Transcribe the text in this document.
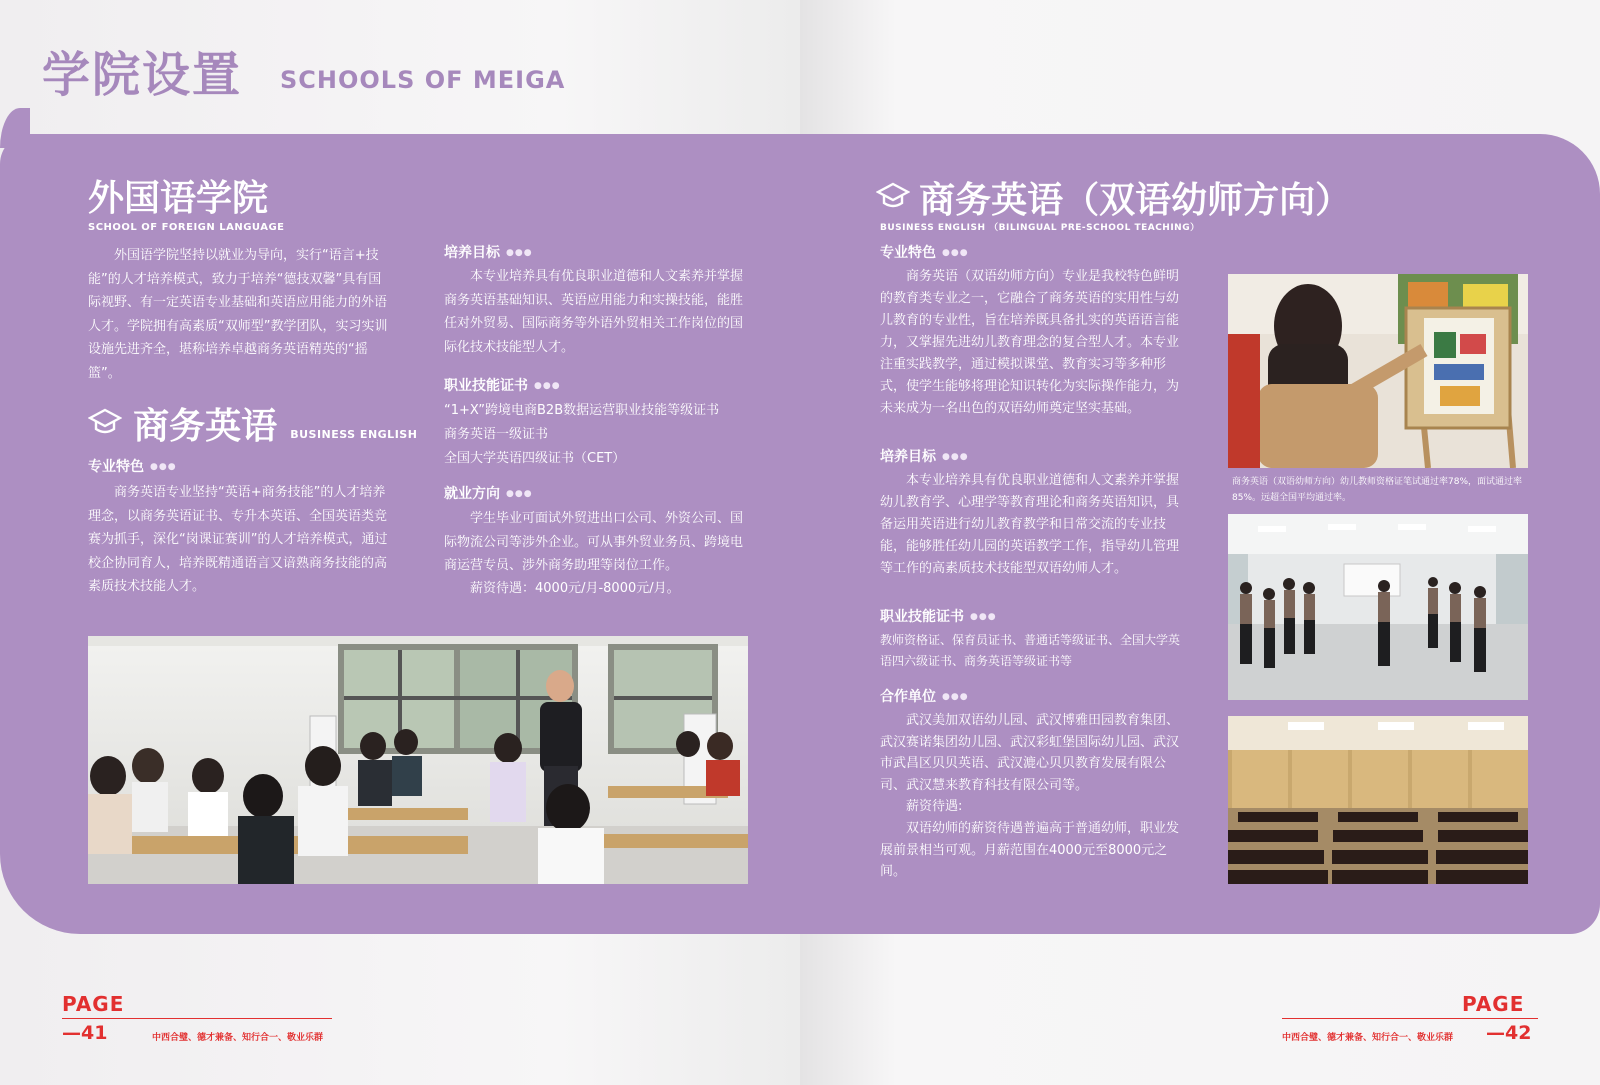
学院设置 SCHOOLS OF MEIGA
外国语学院
SCHOOL OF FOREIGN LANGUAGE

外国语学院坚持以就业为导向，实行“语言+技能”的人才培养模式，致力于培养“德技双馨”具有国际视野、有一定英语专业基础和英语应用能力的外语人才。学院拥有高素质“双师型”教学团队，实习实训设施先进齐全，堪称培养卓越商务英语精英的“摇篮”。

商务英语 $_{BUSINESS ENGLISH}$
专业特色 ●●●

商务英语专业坚持“英语+商务技能”的人才培养理念，以商务英语证书、专升本英语、全国英语类竞赛为抓手，深化“岗课证赛训”的人才培养模式，通过校企协同育人，培养既精通语言又谙熟商务技能的高素质技术技能人才。

培养目标 ●●●

本专业培养具有优良职业道德和人文素养并掌握商务英语基础知识、英语应用能力和实操技能，能胜任对外贸易、国际商务等外语外贸相关工作岗位的国际化技术技能型人才。

职业技能证书 ●●●

“1+X”跨境电商B2B数据运营职业技能等级证书

商务英语一级证书

全国大学英语四级证书（CET）

就业方向 ●●●

学生毕业可面试外贸进出口公司、外资公司、国际物流公司等涉外企业。可从事外贸业务员、跨境电商运营专员、涉外商务助理等岗位工作。

薪资待遇：4000元/月-8000元/月。

商务英语（双语幼师方向）
BUSINESS ENGLISH （BILINGUAL PRE-SCHOOL TEACHING）
专业特色 ●●●

商务英语（双语幼师方向）专业是我校特色鲜明的教育类专业之一，它融合了商务英语的实用性与幼儿教育的专业性，旨在培养既具备扎实的英语语言能力，又掌握先进幼儿教育理念的复合型人才。本专业注重实践教学，通过模拟课堂、教育实习等多种形式，使学生能够将理论知识转化为实际操作能力，为未来成为一名出色的双语幼师奠定坚实基础。

培养目标 ●●●

本专业培养具有优良职业道德和人文素养并掌握幼儿教育学、心理学等教育理论和商务英语知识，具备运用英语进行幼儿教育教学和日常交流的专业技能，能够胜任幼儿园的英语教学工作，指导幼儿管理等工作的高素质技术技能型双语幼师人才。

职业技能证书 ●●●

教师资格证、保育员证书、普通话等级证书、全国大学英语四六级证书、商务英语等级证书等

合作单位 ●●●

武汉美加双语幼儿园、武汉博雅田园教育集团、武汉赛诺集团幼儿园、武汉彩虹堡国际幼儿园、武汉市武昌区贝贝英语、武汉漉心贝贝教育发展有限公司、武汉慧来教育科技有限公司等。

薪资待遇:

双语幼师的薪资待遇普遍高于普通幼师，职业发展前景相当可观。月薪范围在4000元至8000元之间。

商务英语（双语幼师方向）幼儿教师资格证笔试通过率78%，面试通过率85%。远超全国平均通过率。
PAGE
—41	中西合璧、德才兼备、知行合一、敬业乐群
PAGE
—42
中西合璧、德才兼备、知行合一、敬业乐群
